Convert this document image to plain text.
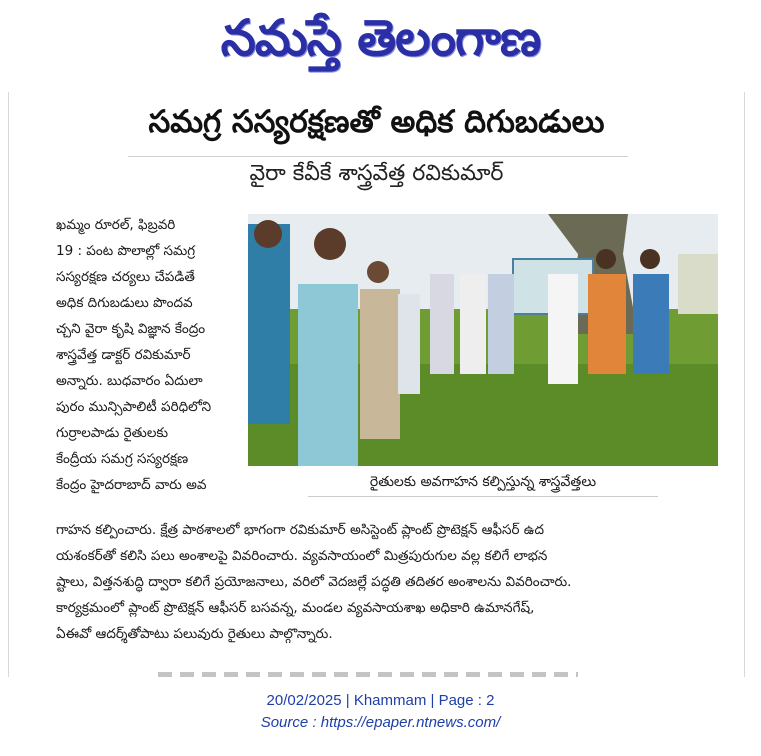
నమస్తే తెలంగాణ
సమగ్ర సస్యరక్షణతో అధిక దిగుబడులు
వైరా కేవీకే శాస్త్రవేత్త రవికుమార్
ఖమ్మం రూరల్, ఫిబ్రవరి
19 : పంట పొలాల్లో సమగ్ర
సస్యరక్షణ చర్యలు చేపడితే
అధిక దిగుబడులు పొందవ
చ్చని వైరా కృషి విజ్ఞాన కేంద్రం
శాస్త్రవేత్త డాక్టర్ రవికుమార్
అన్నారు. బుధవారం ఏదులా
పురం మున్సిపాలిటీ పరిధిలోని
గుర్రాలపాడు రైతులకు
కేంద్రీయ సమగ్ర సస్యరక్షణ
కేంద్రం హైదరాబాద్ వారు అవ	రైతులకు అవగాహన కల్పిస్తున్న శాస్త్రవేత్తలు
గాహన కల్పించారు. క్షేత్ర పాఠశాలలో భాగంగా రవికుమార్ అసిస్టెంట్ ప్లాంట్ ప్రొటెక్షన్ ఆఫీసర్ ఉద
యశంకర్‌తో కలిసి పలు అంశాలపై వివరించారు. వ్యవసాయంలో మిత్రపురుగుల వల్ల కలిగే లాభన
ష్టాలు, విత్తనశుద్ధి ద్వారా కలిగే ప్రయోజనాలు, వరిలో వెదజల్లే పద్ధతి తదితర అంశాలను వివరించారు.
కార్యక్రమంలో ప్లాంట్ ప్రొటెక్షన్ ఆఫీసర్ బసవన్న, మండల వ్యవసాయశాఖ అధికారి ఉమానగేష్,
ఏఈవో ఆదర్శ్‌తోపాటు పలువురు రైతులు పాల్గొన్నారు.
20/02/2025 | Khammam | Page : 2
Source : https://epaper.ntnews.com/
